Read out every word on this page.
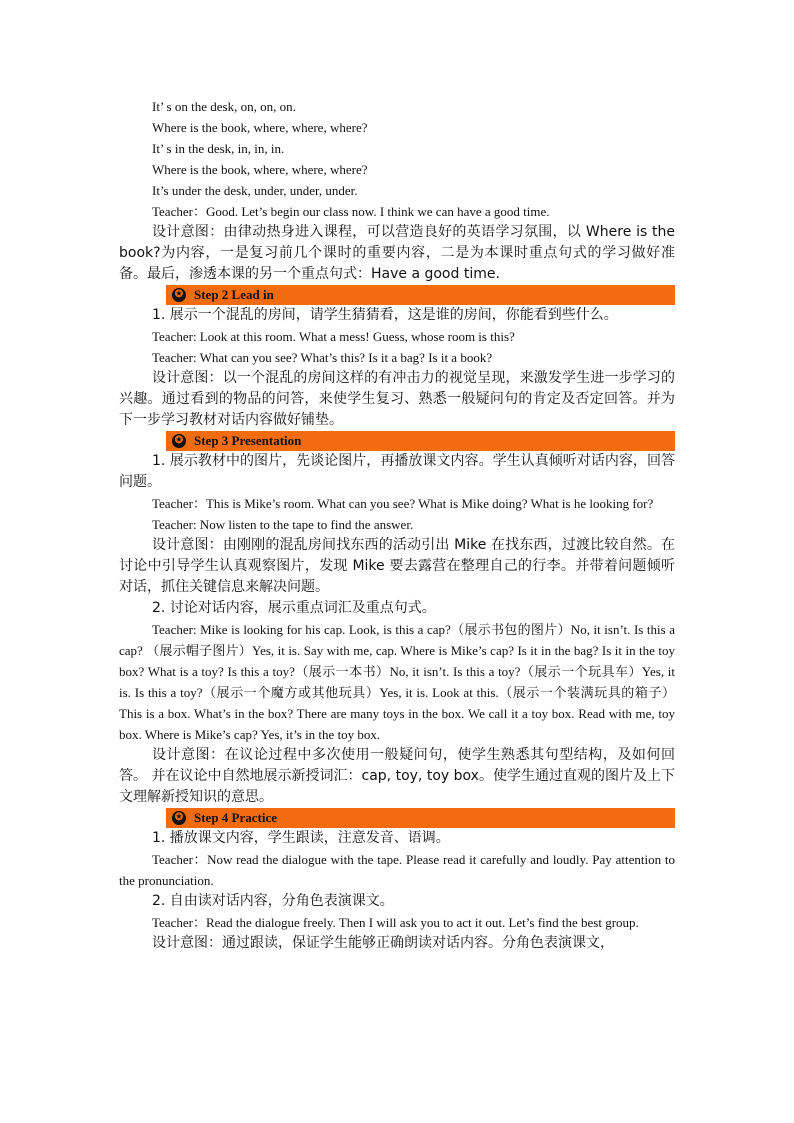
It’ s on the desk, on, on, on.
Where is the book, where, where, where?
It’ s in the desk, in, in, in.
Where is the book, where, where, where?
It’s under the desk, under, under, under.
Teacher：Good. Let’s begin our class now. I think we can have a good time.
设计意图：由律动热身进入课程，可以营造良好的英语学习氛围，以 Where is the book?为内容，一是复习前几个课时的重要内容，二是为本课时重点句式的学习做好准备。最后，渗透本课的另一个重点句式：Have a good time.
✪ Step 2 Lead in
1. 展示一个混乱的房间，请学生猜猜看，这是谁的房间，你能看到些什么。
Teacher: Look at this room. What a mess! Guess, whose room is this?
Teacher: What can you see? What’s this? Is it a bag? Is it a book?
设计意图：以一个混乱的房间这样的有冲击力的视觉呈现，来激发学生进一步学习的兴趣。通过看到的物品的问答，来使学生复习、熟悉一般疑问句的肯定及否定回答。并为下一步学习教材对话内容做好铺垫。
✪ Step 3 Presentation
1. 展示教材中的图片，先谈论图片，再播放课文内容。学生认真倾听对话内容，回答问题。
Teacher：This is Mike’s room. What can you see? What is Mike doing? What is he looking for?
Teacher: Now listen to the tape to find the answer.
设计意图：由刚刚的混乱房间找东西的活动引出 Mike 在找东西，过渡比较自然。在讨论中引导学生认真观察图片，发现 Mike 要去露营在整理自己的行李。并带着问题倾听对话，抓住关键信息来解决问题。
2. 讨论对话内容，展示重点词汇及重点句式。
Teacher: Mike is looking for his cap. Look, is this a cap?（展示书包的图片）No, it isn’t. Is this a cap? （展示帽子图片）Yes, it is. Say with me, cap. Where is Mike’s cap? Is it in the bag? Is it in the toy box? What is a toy? Is this a toy?（展示一本书）No, it isn’t. Is this a toy?（展示一个玩具车）Yes, it is. Is this a toy?（展示一个魔方或其他玩具）Yes, it is. Look at this.（展示一个装满玩具的箱子）This is a box. What’s in the box? There are many toys in the box. We call it a toy box. Read with me, toy box. Where is Mike’s cap? Yes, it’s in the toy box.
设计意图：在议论过程中多次使用一般疑问句，使学生熟悉其句型结构，及如何回答。 并在议论中自然地展示新授词汇：cap, toy, toy box。使学生通过直观的图片及上下文理解新授知识的意思。
✪ Step 4 Practice
1. 播放课文内容，学生跟读，注意发音、语调。
Teacher：Now read the dialogue with the tape. Please read it carefully and loudly. Pay attention to the pronunciation.
2. 自由读对话内容，分角色表演课文。
Teacher：Read the dialogue freely. Then I will ask you to act it out. Let’s find the best group.
设计意图：通过跟读，保证学生能够正确朗读对话内容。分角色表演课文，
